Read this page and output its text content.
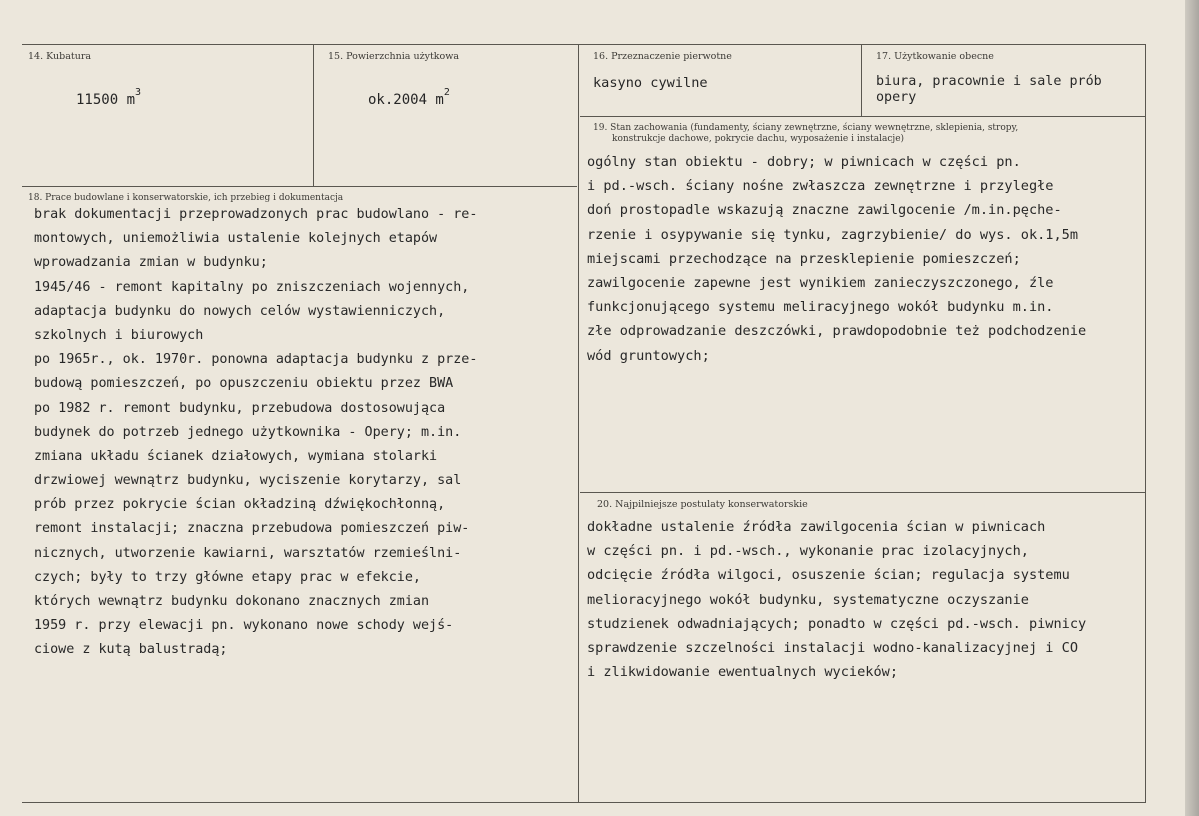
14. Kubatura
11500 $m^3$
15. Powierzchnia użytkowa
ok.2004 $m^2$
16. Przeznaczenie pierwotne
kasyno cywilne
17. Użytkowanie obecne
biura, pracownie i sale prób
opery
19. Stan zachowania (fundamenty, ściany zewnętrzne, ściany wewnętrzne, sklepienia, stropy,
konstrukcje dachowe, pokrycie dachu, wyposażenie i instalacje)
ogólny stan obiektu - dobry; w piwnicach w części pn.
i pd.-wsch. ściany nośne zwłaszcza zewnętrzne i przyległe
doń prostopadle wskazują znaczne zawilgocenie /m.in.pęche-
rzenie i osypywanie się tynku, zagrzybienie/ do wys. ok.1,5m
miejscami przechodzące na przesklepienie pomieszczeń;
zawilgocenie zapewne jest wynikiem zanieczyszczonego, źle
funkcjonującego systemu meliracyjnego wokół budynku m.in.
złe odprowadzanie deszczówki, prawdopodobnie też podchodzenie
wód gruntowych;
18. Prace budowlane i konserwatorskie, ich przebieg i dokumentacja
brak dokumentacji przeprowadzonych prac budowlano - re-
montowych, uniemożliwia ustalenie kolejnych etapów
wprowadzania zmian w budynku;
1945/46 - remont kapitalny po zniszczeniach wojennych,
adaptacja budynku do nowych celów wystawienniczych,
szkolnych i biurowych
po 1965r., ok. 1970r. ponowna adaptacja budynku z prze-
budową pomieszczeń, po opuszczeniu obiektu przez BWA
po 1982 r. remont budynku, przebudowa dostosowująca
budynek do potrzeb jednego użytkownika - Opery; m.in.
zmiana układu ścianek działowych, wymiana stolarki
drzwiowej wewnątrz budynku, wyciszenie korytarzy, sal
prób przez pokrycie ścian okładziną dźwiękochłonną,
remont instalacji; znaczna przebudowa pomieszczeń piw-
nicznych, utworzenie kawiarni, warsztatów rzemieślni-
czych; były to trzy główne etapy prac w efekcie,
których wewnątrz budynku dokonano znacznych zmian
1959 r. przy elewacji pn. wykonano nowe schody wejś-
ciowe z kutą balustradą;
20. Najpilniejsze postulaty konserwatorskie
dokładne ustalenie źródła zawilgocenia ścian w piwnicach
w części pn. i pd.-wsch., wykonanie prac izolacyjnych,
odcięcie źródła wilgoci, osuszenie ścian; regulacja systemu
melioracyjnego wokół budynku, systematyczne oczyszanie
studzienek odwadniających; ponadto w części pd.-wsch. piwnicy
sprawdzenie szczelności instalacji wodno-kanalizacyjnej i CO
i zlikwidowanie ewentualnych wycieków;
